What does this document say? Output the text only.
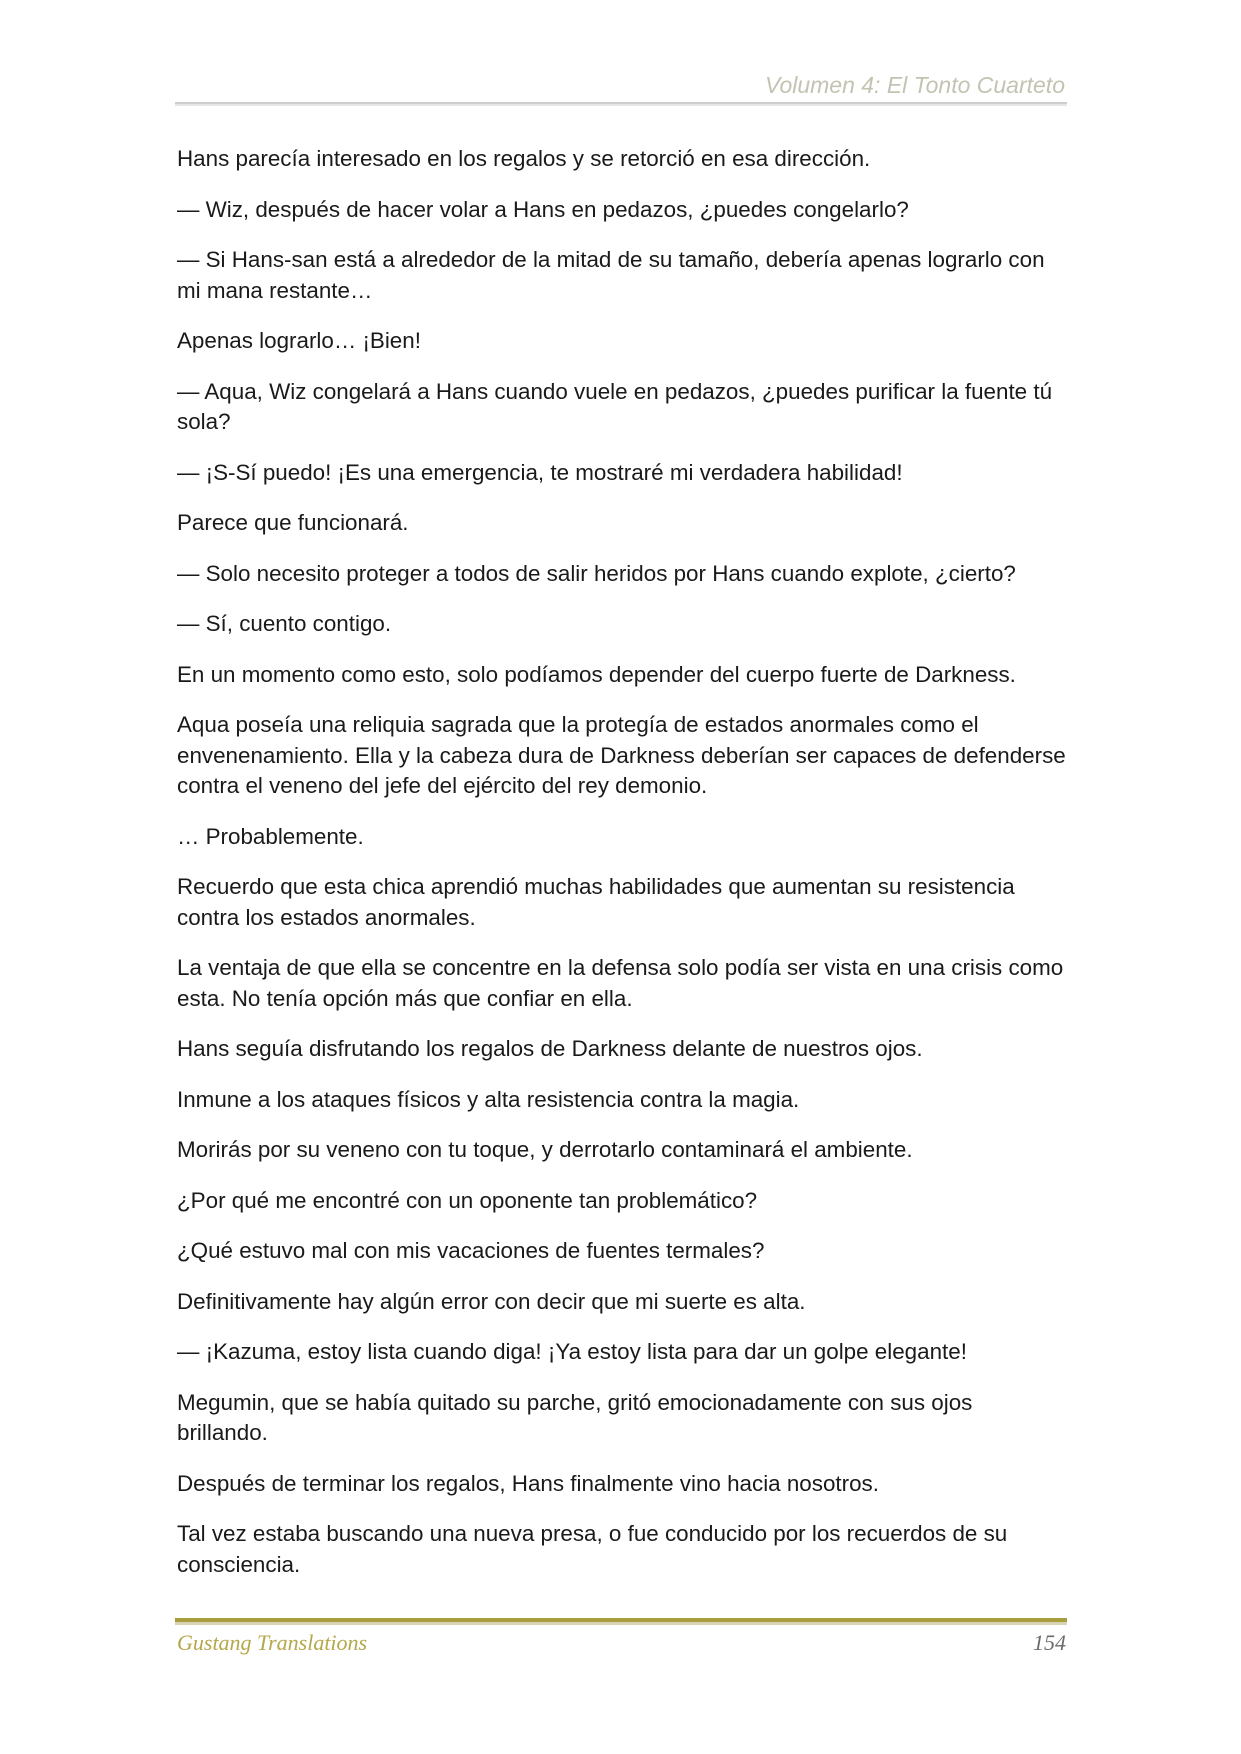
Volumen 4: El Tonto Cuarteto

Hans parecía interesado en los regalos y se retorció en esa dirección.

— Wiz, después de hacer volar a Hans en pedazos, ¿puedes congelarlo?

— Si Hans-san está a alrededor de la mitad de su tamaño, debería apenas lograrlo con mi mana restante…

Apenas lograrlo… ¡Bien!

— Aqua, Wiz congelará a Hans cuando vuele en pedazos, ¿puedes purificar la fuente tú sola?

— ¡S-Sí puedo! ¡Es una emergencia, te mostraré mi verdadera habilidad!

Parece que funcionará.

— Solo necesito proteger a todos de salir heridos por Hans cuando explote, ¿cierto?

— Sí, cuento contigo.

En un momento como esto, solo podíamos depender del cuerpo fuerte de Darkness.

Aqua poseía una reliquia sagrada que la protegía de estados anormales como el envenenamiento. Ella y la cabeza dura de Darkness deberían ser capaces de defenderse contra el veneno del jefe del ejército del rey demonio.

… Probablemente.

Recuerdo que esta chica aprendió muchas habilidades que aumentan su resistencia contra los estados anormales.

La ventaja de que ella se concentre en la defensa solo podía ser vista en una crisis como esta. No tenía opción más que confiar en ella.

Hans seguía disfrutando los regalos de Darkness delante de nuestros ojos.

Inmune a los ataques físicos y alta resistencia contra la magia.

Morirás por su veneno con tu toque, y derrotarlo contaminará el ambiente.

¿Por qué me encontré con un oponente tan problemático?

¿Qué estuvo mal con mis vacaciones de fuentes termales?

Definitivamente hay algún error con decir que mi suerte es alta.

— ¡Kazuma, estoy lista cuando diga! ¡Ya estoy lista para dar un golpe elegante!

Megumin, que se había quitado su parche, gritó emocionadamente con sus ojos brillando.

Después de terminar los regalos, Hans finalmente vino hacia nosotros.

Tal vez estaba buscando una nueva presa, o fue conducido por los recuerdos de su consciencia.

Gustang Translations	154
